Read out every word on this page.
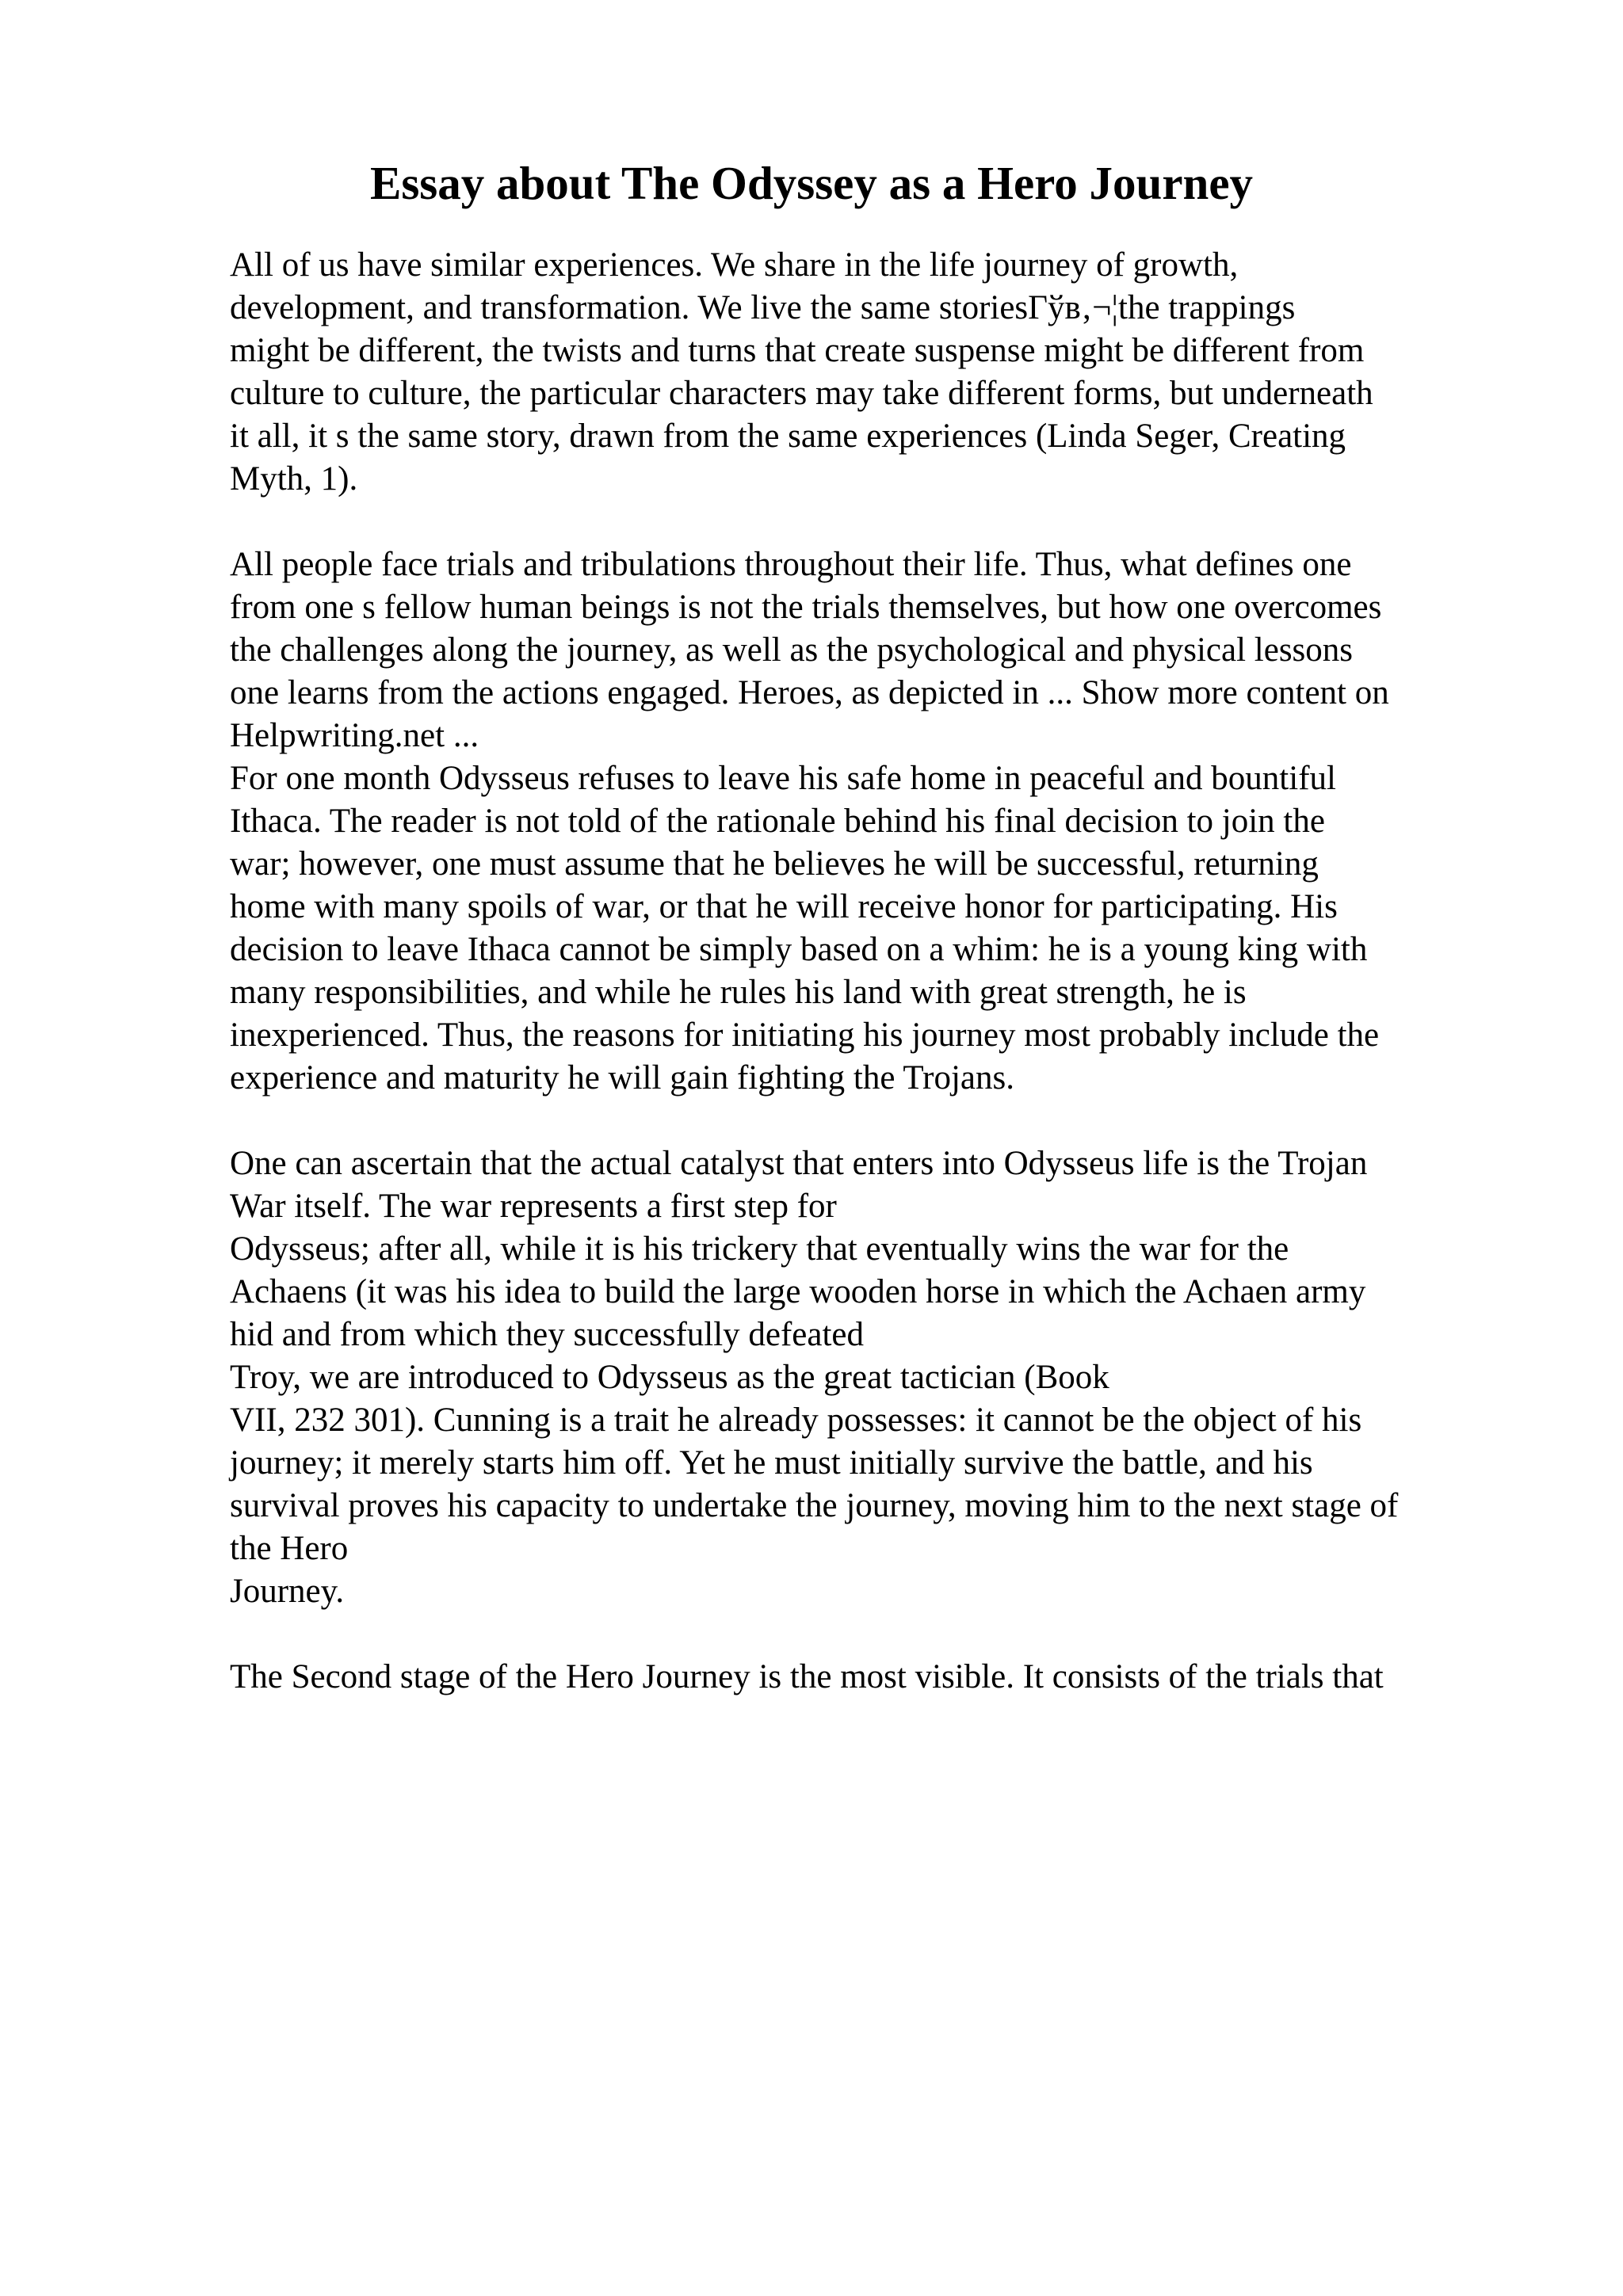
Essay about The Odyssey as a Hero Journey
All of us have similar experiences. We share in the life journey of growth,
development, and transformation. We live the same storiesГўв‚¬¦the trappings
might be different, the twists and turns that create suspense might be different from
culture to culture, the particular characters may take different forms, but underneath
it all, it s the same story, drawn from the same experiences (Linda Seger, Creating
Myth, 1).
All people face trials and tribulations throughout their life. Thus, what defines one
from one s fellow human beings is not the trials themselves, but how one overcomes
the challenges along the journey, as well as the psychological and physical lessons
one learns from the actions engaged. Heroes, as depicted in ... Show more content on
Helpwriting.net ...
For one month Odysseus refuses to leave his safe home in peaceful and bountiful
Ithaca. The reader is not told of the rationale behind his final decision to join the
war; however, one must assume that he believes he will be successful, returning
home with many spoils of war, or that he will receive honor for participating. His
decision to leave Ithaca cannot be simply based on a whim: he is a young king with
many responsibilities, and while he rules his land with great strength, he is
inexperienced. Thus, the reasons for initiating his journey most probably include the
experience and maturity he will gain fighting the Trojans.
One can ascertain that the actual catalyst that enters into Odysseus life is the Trojan
War itself. The war represents a first step for
Odysseus; after all, while it is his trickery that eventually wins the war for the
Achaens (it was his idea to build the large wooden horse in which the Achaen army
hid and from which they successfully defeated
Troy, we are introduced to Odysseus as the great tactician (Book
VII, 232 301). Cunning is a trait he already possesses: it cannot be the object of his
journey; it merely starts him off. Yet he must initially survive the battle, and his
survival proves his capacity to undertake the journey, moving him to the next stage of
the Hero
Journey.
The Second stage of the Hero Journey is the most visible. It consists of the trials that
